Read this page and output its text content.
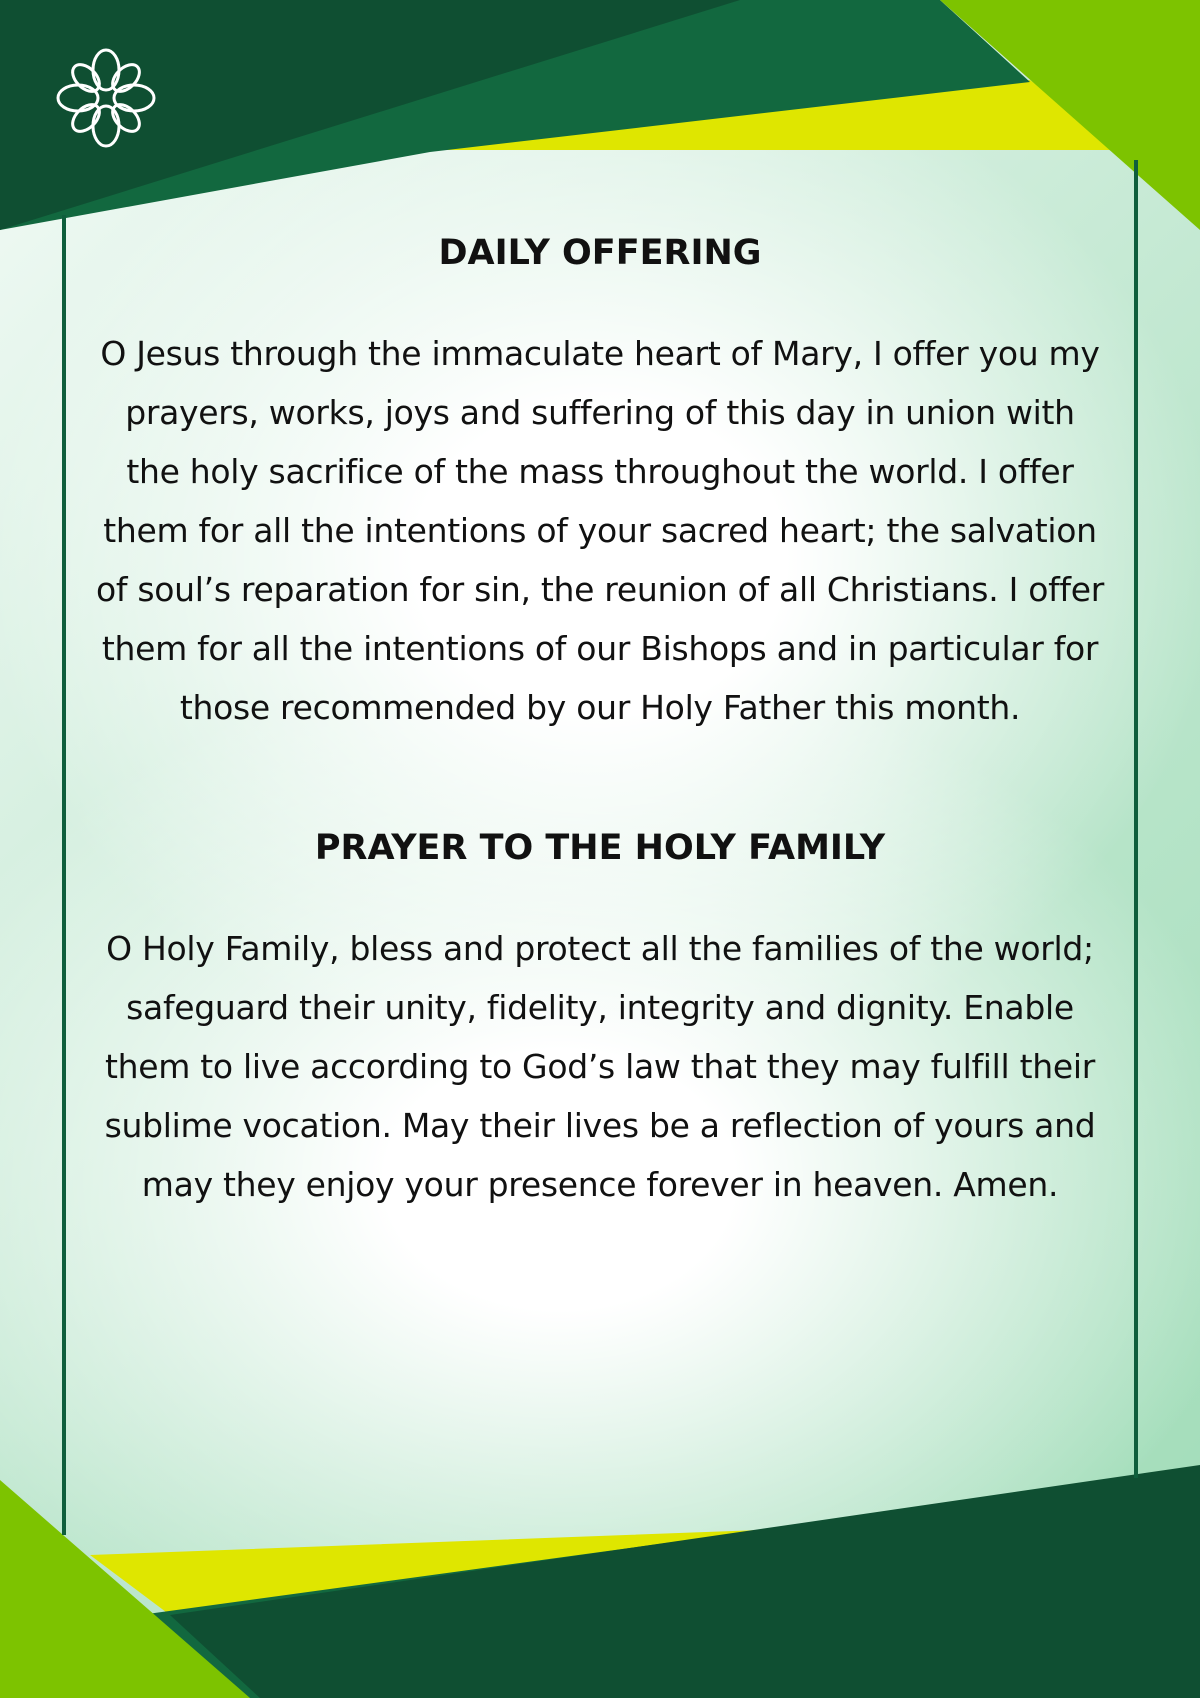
DAILY OFFERING

O Jesus through the immaculate heart of Mary, I offer you my prayers, works, joys and suffering of this day in union with the holy sacrifice of the mass throughout the world. I offer them for all the intentions of your sacred heart; the salvation of soul’s reparation for sin, the reunion of all Christians. I offer them for all the intentions of our Bishops and in particular for those recommended by our Holy Father this month.

PRAYER TO THE HOLY FAMILY

O Holy Family, bless and protect all the families of the world; safeguard their unity, fidelity, integrity and dignity. Enable them to live according to God’s law that they may fulfill their sublime vocation. May their lives be a reflection of yours and may they enjoy your presence forever in heaven. Amen.
